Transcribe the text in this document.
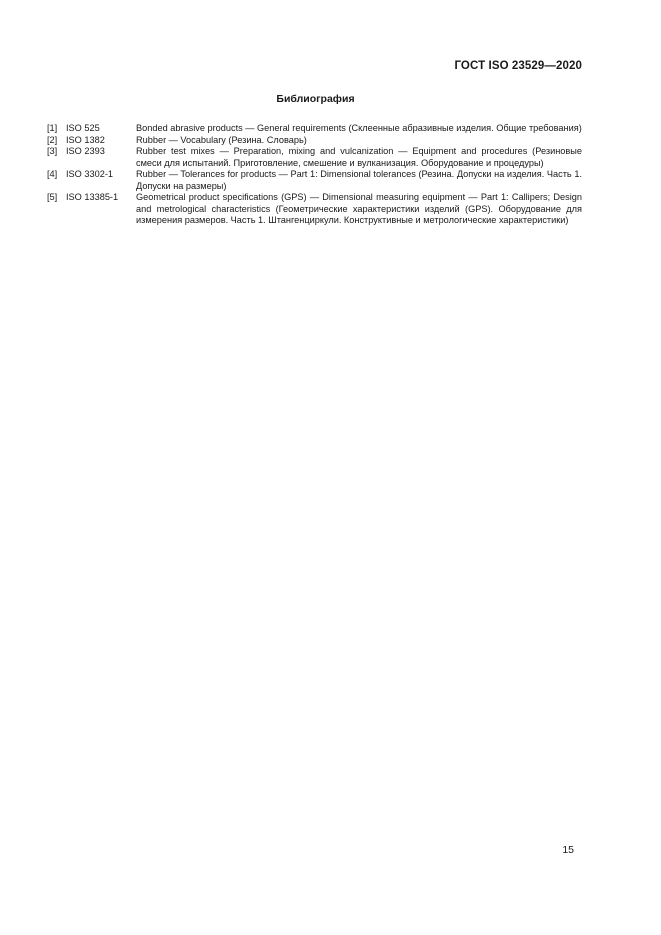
ГОСТ ISO 23529—2020
Библиография
[1] ISO 525	Bonded abrasive products — General requirements (Склеенные абразивные изделия. Общие требования)
[2] ISO 1382	Rubber — Vocabulary (Резина. Словарь)
[3] ISO 2393	Rubber test mixes — Preparation, mixing and vulcanization — Equipment and procedures (Резиновые смеси для испытаний. Приготовление, смешение и вулканизация. Оборудование и процедуры)
[4] ISO 3302-1	Rubber — Tolerances for products — Part 1: Dimensional tolerances (Резина. Допуски на изделия. Часть 1. Допуски на размеры)
[5] ISO 13385-1	Geometrical product specifications (GPS) — Dimensional measuring equipment — Part 1: Callipers; Design and metrological characteristics (Геометрические характеристики изделий (GPS). Оборудование для измерения размеров. Часть 1. Штангенциркули. Конструктивные и метрологические характеристики)
15
